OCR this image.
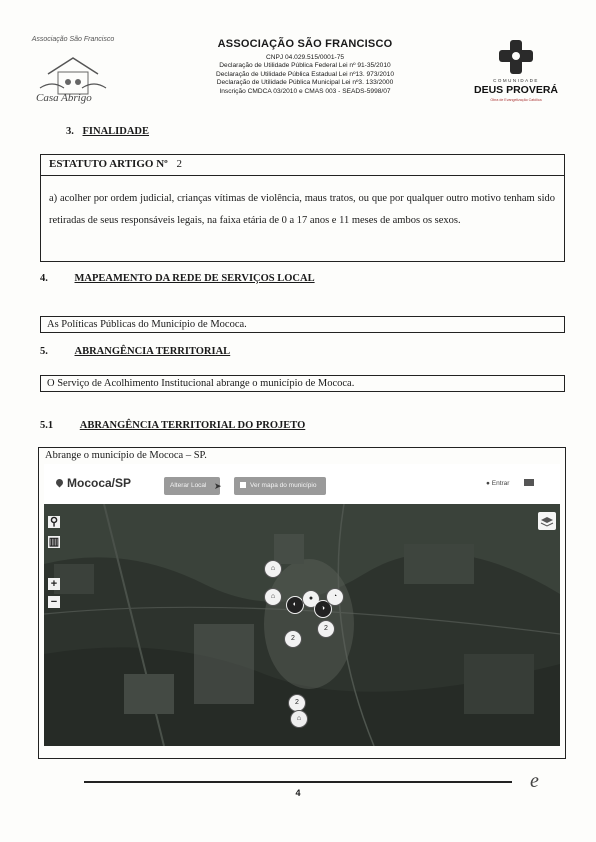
Associação São Francisco
Casa Abrigo
ASSOCIAÇÃO SÃO FRANCISCO
CNPJ 04.029.515/0001-75
Declaração de Utilidade Pública Federal Lei nº 91-35/2010
Declaração de Utilidade Pública Estadual Lei nº13. 973/2010
Declaração de Utilidade Pública Municipal Lei nº3. 133/2000
Inscrição CMDCA 03/2010 e CMAS 003 - SEADS-5998/07
COMUNIDADE
DEUS PROVERÁ
Obra de Evangelização Católica
3. FINALIDADE
ESTATUTO ARTIGO Nº 2
a) acolher por ordem judicial, crianças vítimas de violência, maus tratos, ou que por qualquer outro motivo tenham sido retiradas de seus responsáveis legais, na faixa etária de 0 a 17 anos e 11 meses de ambos os sexos.
4.	MAPEAMENTO DA REDE DE SERVIÇOS LOCAL
As Políticas Públicas do Município de Mococa.
5.	ABRANGÊNCIA TERRITORIAL
O Serviço de Acolhimento Institucional abrange o município de Mococa.
5.1	ABRANGÊNCIA TERRITORIAL DO PROJETO
Abrange o município de Mococa – SP.
Mococa/SP	Alterar Local ➤	Ver mapa do município	● Entrar
⚲
▥
+
−
⌂
⌂
◐
●
◑
◔
2
2
2
⌂
4
e
